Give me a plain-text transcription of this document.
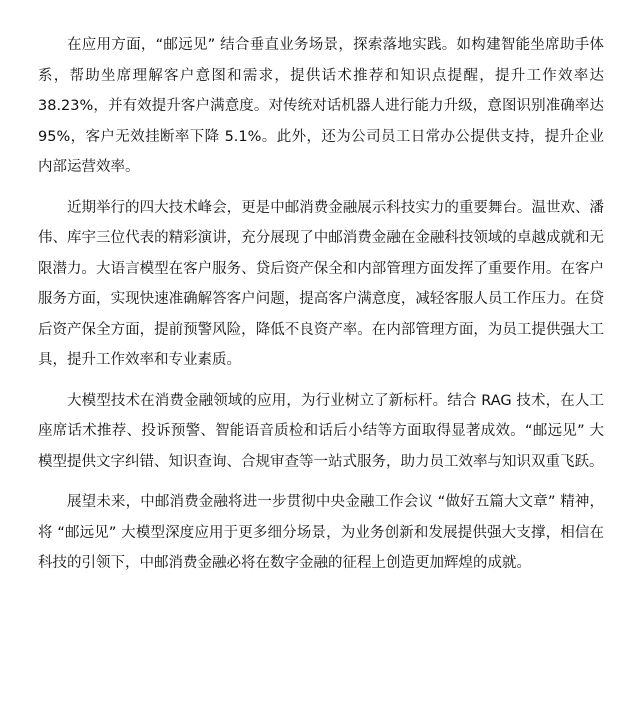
在应用方面，“邮远见” 结合垂直业务场景，探索落地实践。如构建智能坐席助手体系，帮助坐席理解客户意图和需求，提供话术推荐和知识点提醒，提升工作效率达 38.23%，并有效提升客户满意度。对传统对话机器人进行能力升级，意图识别准确率达 95%，客户无效挂断率下降 5.1%。此外，还为公司员工日常办公提供支持，提升企业内部运营效率。

近期举行的四大技术峰会，更是中邮消费金融展示科技实力的重要舞台。温世欢、潘伟、库宇三位代表的精彩演讲，充分展现了中邮消费金融在金融科技领域的卓越成就和无限潜力。大语言模型在客户服务、贷后资产保全和内部管理方面发挥了重要作用。在客户服务方面，实现快速准确解答客户问题，提高客户满意度，减轻客服人员工作压力。在贷后资产保全方面，提前预警风险，降低不良资产率。在内部管理方面，为员工提供强大工具，提升工作效率和专业素质。

大模型技术在消费金融领域的应用，为行业树立了新标杆。结合 RAG 技术，在人工座席话术推荐、投诉预警、智能语音质检和话后小结等方面取得显著成效。“邮远见” 大模型提供文字纠错、知识查询、合规审查等一站式服务，助力员工效率与知识双重飞跃。

展望未来，中邮消费金融将进一步贯彻中央金融工作会议 “做好五篇大文章” 精神，将 “邮远见” 大模型深度应用于更多细分场景，为业务创新和发展提供强大支撑，相信在科技的引领下，中邮消费金融必将在数字金融的征程上创造更加辉煌的成就。
